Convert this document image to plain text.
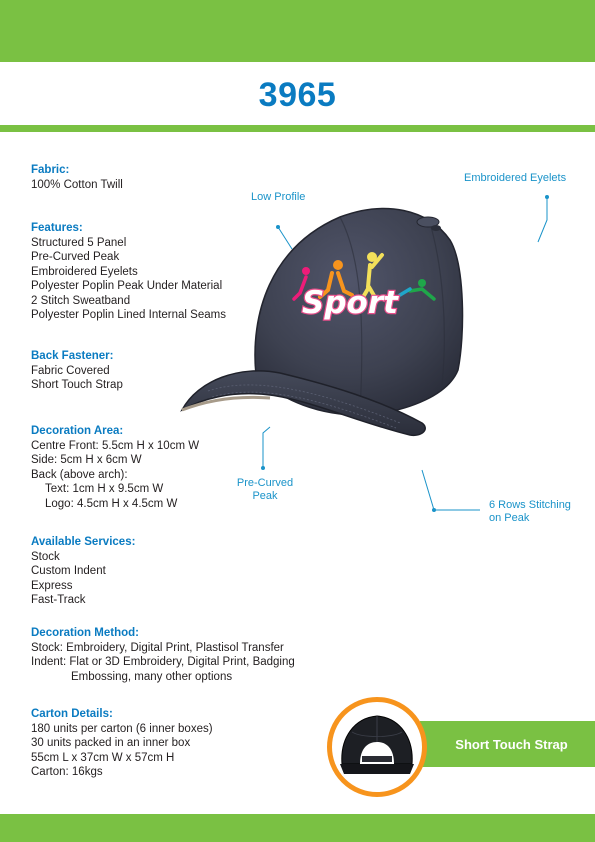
3965
Fabric:
100% Cotton Twill
Features:
Structured 5 Panel
Pre-Curved Peak
Embroidered Eyelets
Polyester Poplin Peak Under Material
2 Stitch Sweatband
Polyester Poplin Lined Internal Seams
Back Fastener:
Fabric Covered
Short Touch Strap
Decoration Area:
Centre Front: 5.5cm H x 10cm W
Side: 5cm H x 6cm W
Back (above arch):
Text: 1cm H x 9.5cm W
Logo: 4.5cm H x 4.5cm W
Available Services:
Stock
Custom Indent
Express
Fast-Track
Decoration Method:
Stock: Embroidery, Digital Print, Plastisol Transfer
Indent: Flat or 3D Embroidery, Digital Print, Badging
Embossing, many other options
Carton Details:
180 units per carton (6 inner boxes)
30 units packed in an inner box
55cm L x 37cm W x 57cm H
Carton: 16kgs
Sport
Low Profile
Embroidered Eyelets
Pre-Curved
Peak
6 Rows Stitching
on Peak
Short Touch Strap
